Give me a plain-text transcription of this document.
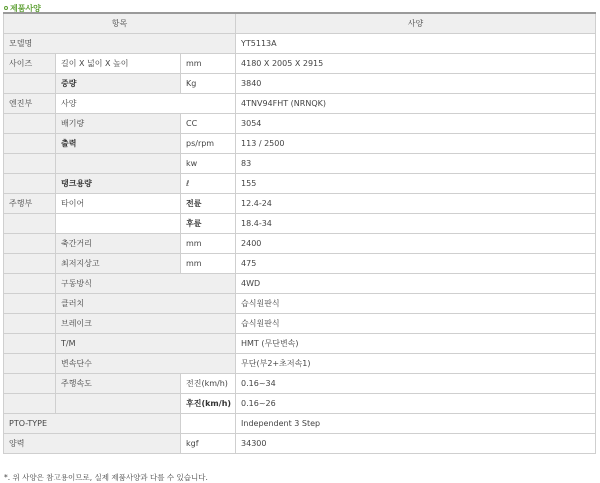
제품사양
항목			사양
모델명			YT5113A
사이즈	길이 X 넓이 X 높이	mm	4180 X 2005 X 2915
	중량	Kg	3840
엔진부	사양		4TNV94FHT (NRNQK)
	배기량	CC	3054
	출력	ps/rpm	113 / 2500
		kw	83
	탱크용량	ℓ	155
주행부	타이어	전륜	12.4-24
		후륜	18.4-34
	축간거리	mm	2400
	최저지상고	mm	475
	구동방식		4WD
	클러치		습식원판식
	브레이크		습식원판식
	T/M		HMT (무단변속)
	변속단수		무단(부2+초저속1)
	주행속도	전진(km/h)	0.16~34
		후진(km/h)	0.16~26
PTO-TYPE			Independent 3 Step
양력		kgf	34300
*. 위 사양은 참고용이므로, 실제 제품사양과 다를 수 있습니다.
